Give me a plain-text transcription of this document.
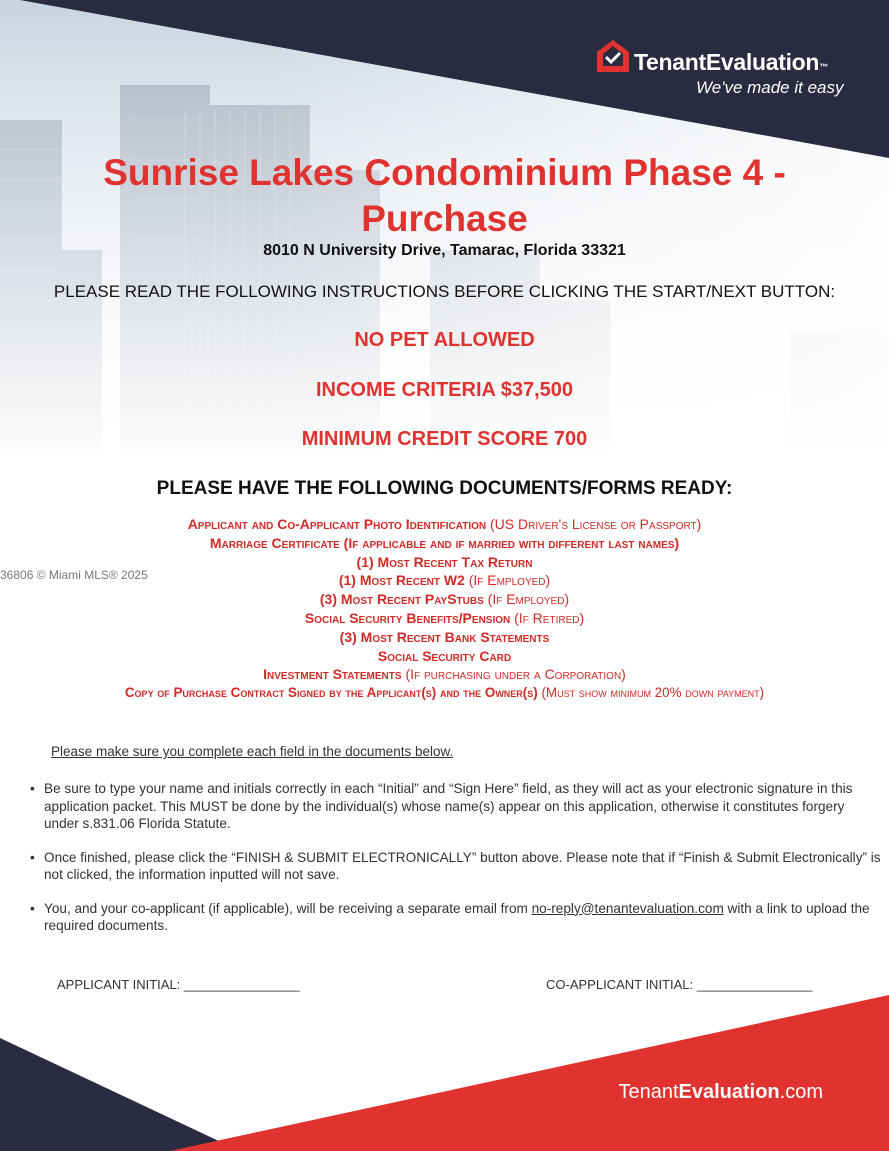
TenantEvaluation™
We've made it easy
Sunrise Lakes Condominium Phase 4 -
Purchase
8010 N University Drive, Tamarac, Florida 33321
PLEASE READ THE FOLLOWING INSTRUCTIONS BEFORE CLICKING THE START/NEXT BUTTON:
NO PET ALLOWED
INCOME CRITERIA $37,500
MINIMUM CREDIT SCORE 700
PLEASE HAVE THE FOLLOWING DOCUMENTS/FORMS READY:
Applicant and Co-Applicant Photo Identification (US Driver's License or Passport)
Marriage Certificate (If applicable and if married with different last names)
(1) Most Recent Tax Return
(1) Most Recent W2 (If Employed)
(3) Most Recent PayStubs (If Employed)
Social Security Benefits/Pension (If Retired)
(3) Most Recent Bank Statements
Social Security Card
Investment Statements (If purchasing under a Corporation)
Copy of Purchase Contract Signed by the Applicant(s) and the Owner(s) (Must show minimum 20% down payment)
36806 © Miami MLS® 2025
Please make sure you complete each field in the documents below.
• Be sure to type your name and initials correctly in each “Initial” and “Sign Here” field, as they will act as your electronic signature in this application packet. This MUST be done by the individual(s) whose name(s) appear on this application, otherwise it constitutes forgery under s.831.06 Florida Statute.
• Once finished, please click the “FINISH & SUBMIT ELECTRONICALLY” button above. Please note that if “Finish & Submit Electronically” is not clicked, the information inputted will not save.
• You, and your co-applicant (if applicable), will be receiving a separate email from no-reply@tenantevaluation.com with a link to upload the required documents.
APPLICANT INITIAL: ________________	CO-APPLICANT INITIAL: ________________
TenantEvaluation.com
